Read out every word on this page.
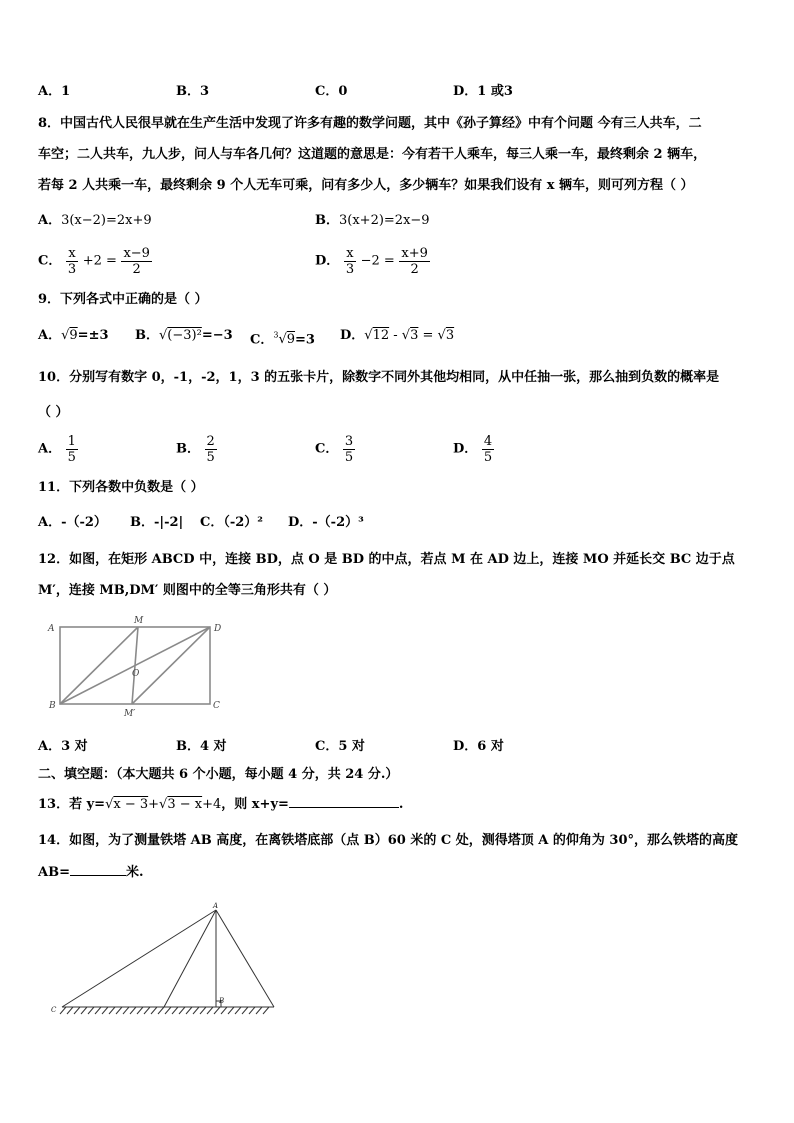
A．1	B．3	C．0	D．1 或3
8．中国古代人民很早就在生产生活中发现了许多有趣的数学问题，其中《孙子算经》中有个问题 今有三人共车，二
车空；二人共车，九人步，问人与车各几何？这道题的意思是：今有若干人乘车，每三人乘一车，最终剩余 2 辆车，
若每 2 人共乘一车，最终剩余 9 个人无车可乘，问有多少人，多少辆车？如果我们设有 x 辆车，则可列方程（ ）
A．3(x−2)=2x+9	B．3(x+2)=2x−9
C． $\frac{x}{3} +2 = \frac{x-9}{2}$	D． $\frac{x}{3} -2 = \frac{x+9}{2}$
9．下列各式中正确的是（ ）
A．√9=±3 B．√(−3)²=−3 C．$^3$√9=3 D．√12 - √3 = √3
10．分别写有数字 0，-1，-2，1，3 的五张卡片，除数字不同外其他均相同，从中任抽一张，那么抽到负数的概率是
（ ）
A． $\frac{1}{5}$	B． $\frac{2}{5}$	C． $\frac{3}{5}$	D． $\frac{4}{5}$
11．下列各数中负数是（ ）
A．-（-2） B．-|-2| C．（-2）² D．-（-2）³
12．如图，在矩形 ABCD 中，连接 BD，点 O 是 BD 的中点，若点 M 在 AD 边上，连接 MO 并延长交 BC 边于点
M′，连接 MB,DM′ 则图中的全等三角形共有（ ）
A
M
D
O
B
M′
C
A．3 对	B．4 对	C．5 对	D．6 对
二、填空题：（本大题共 6 个小题，每小题 4 分，共 24 分.）
13．若 y=√x − 3+√3 − x+4，则 x+y=	.
14．如图，为了测量铁塔 AB 高度，在离铁塔底部（点 B）60 米的 C 处，测得塔顶 A 的仰角为 30°，那么铁塔的高度
AB=	米.
A
B
C
